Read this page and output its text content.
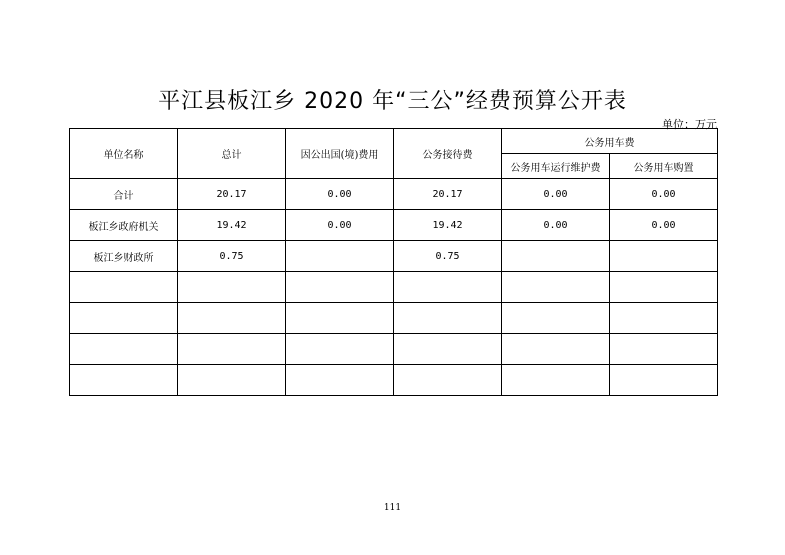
平江县板江乡 2020 年“三公”经费预算公开表
单位：万元
单位名称	总计	因公出国(境)费用	公务接待费	公务用车费	
				公务用车运行维护费	公务用车购置
合计	20.17	0.00	20.17	0.00	0.00
板江乡政府机关	19.42	0.00	19.42	0.00	0.00
板江乡财政所	0.75		0.75		

111
